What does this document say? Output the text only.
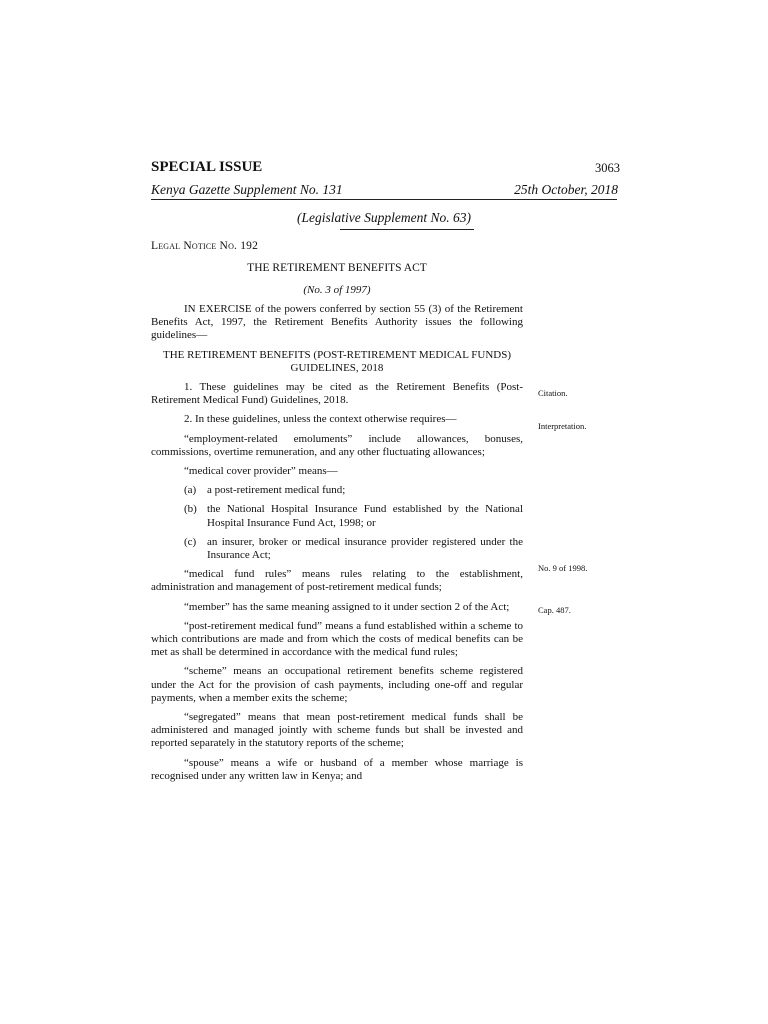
SPECIAL ISSUE	3063
Kenya Gazette Supplement No. 131	25th October, 2018
(Legislative Supplement No. 63)
Legal Notice No. 192
THE RETIREMENT BENEFITS ACT
(No. 3 of 1997)

IN EXERCISE of the powers conferred by section 55 (3) of the Retirement Benefits Act, 1997, the Retirement Benefits Authority issues the following guidelines—

THE RETIREMENT BENEFITS (POST-RETIREMENT MEDICAL FUNDS) GUIDELINES, 2018

1. These guidelines may be cited as the Retirement Benefits (Post-Retirement Medical Fund) Guidelines, 2018.

2. In these guidelines, unless the context otherwise requires—

“employment-related emoluments” include allowances, bonuses, commissions, overtime remuneration, and any other fluctuating allowances;

“medical cover provider” means—

(a) a post-retirement medical fund;
(b) the National Hospital Insurance Fund established by the National Hospital Insurance Fund Act, 1998; or
(c) an insurer, broker or medical insurance provider registered under the Insurance Act;

“medical fund rules” means rules relating to the establishment, administration and management of post-retirement medical funds;

“member” has the same meaning assigned to it under section 2 of the Act;

“post-retirement medical fund” means a fund established within a scheme to which contributions are made and from which the costs of medical benefits can be met as shall be determined in accordance with the medical fund rules;

“scheme” means an occupational retirement benefits scheme registered under the Act for the provision of cash payments, including one-off and regular payments, when a member exits the scheme;

“segregated” means that mean post-retirement medical funds shall be administered and managed jointly with scheme funds but shall be invested and reported separately in the statutory reports of the scheme;

“spouse” means a wife or husband of a member whose marriage is recognised under any written law in Kenya; and

Citation.
Interpretation.
No. 9 of 1998.
Cap. 487.
